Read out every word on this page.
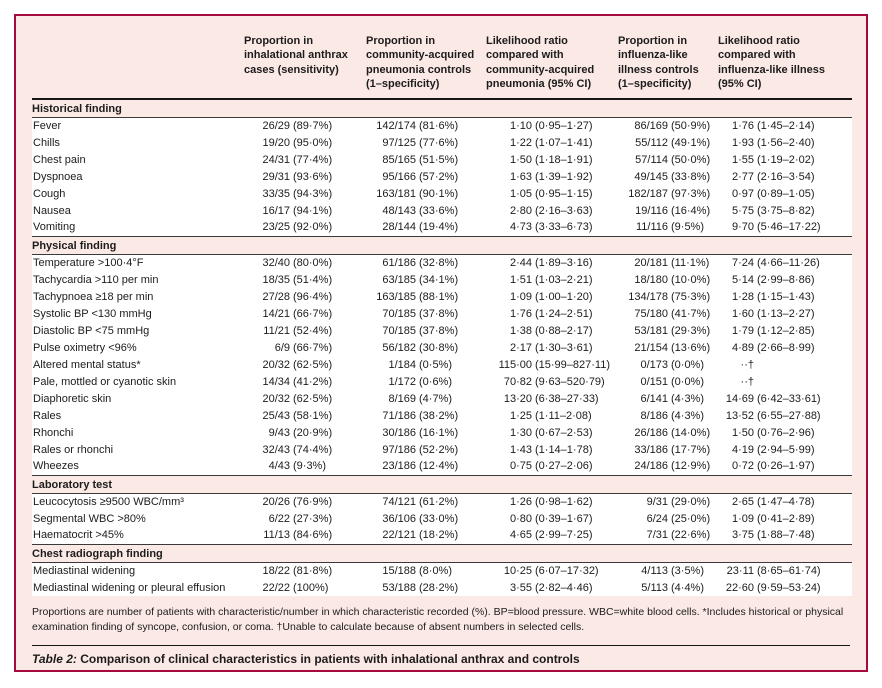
	Proportion in inhalational anthrax cases (sensitivity)	Proportion in community-acquired pneumonia controls (1–specificity)	Likelihood ratio compared with community-acquired pneumonia (95% CI)	Proportion in influenza-like illness controls (1–specificity)	Likelihood ratio compared with influenza-like illness (95% CI)
Historical finding					
Fever	26/29 (89·7%)	142/174 (81·6%)	1·10 (0·95–1·27)	86/169 (50·9%)	1·76 (1·45–2·14)

Chills	19/20 (95·0%)	97/125 (77·6%)	1·22 (1·07–1·41)	55/112 (49·1%)	1·93 (1·56–2·40)

Chest pain	24/31 (77·4%)	85/165 (51·5%)	1·50 (1·18–1·91)	57/114 (50·0%)	1·55 (1·19–2·02)

Dyspnoea	29/31 (93·6%)	95/166 (57·2%)	1·63 (1·39–1·92)	49/145 (33·8%)	2·77 (2·16–3·54)

Cough	33/35 (94·3%)	163/181 (90·1%)	1·05 (0·95–1·15)	182/187 (97·3%)	0·97 (0·89–1·05)

Nausea	16/17 (94·1%)	48/143 (33·6%)	2·80 (2·16–3·63)	19/116 (16·4%)	5·75 (3·75–8·82)

Vomiting	23/25 (92·0%)	28/144 (19·4%)	4·73 (3·33–6·73)	11/116 (9·5%)	9·70 (5·46–17·22)

Physical finding					
Temperature >100·4°F	32/40 (80·0%)	61/186 (32·8%)	2·44 (1·89–3·16)	20/181 (11·1%)	7·24 (4·66–11·26)

Tachycardia >110 per min	18/35 (51·4%)	63/185 (34·1%)	1·51 (1·03–2·21)	18/180 (10·0%)	5·14 (2·99–8·86)

Tachypnoea ≥18 per min	27/28 (96·4%)	163/185 (88·1%)	1·09 (1·00–1·20)	134/178 (75·3%)	1·28 (1·15–1·43)

Systolic BP <130 mmHg	14/21 (66·7%)	70/185 (37·8%)	1·76 (1·24–2·51)	75/180 (41·7%)	1·60 (1·13–2·27)

Diastolic BP <75 mmHg	11/21 (52·4%)	70/185 (37·8%)	1·38 (0·88–2·17)	53/181 (29·3%)	1·79 (1·12–2·85)

Pulse oximetry <96%	6/9 (66·7%)	56/182 (30·8%)	2·17 (1·30–3·61)	21/154 (13·6%)	4·89 (2·66–8·99)

Altered mental status*	20/32 (62·5%)	1/184 (0·5%)	115·00 (15·99–827·11)	0/173 (0·0%)	··†

Pale, mottled or cyanotic skin	14/34 (41·2%)	1/172 (0·6%)	70·82 (9·63–520·79)	0/151 (0·0%)	··†

Diaphoretic skin	20/32 (62·5%)	8/169 (4·7%)	13·20 (6·38–27·33)	6/141 (4·3%)	14·69 (6·42–33·61)

Rales	25/43 (58·1%)	71/186 (38·2%)	1·25 (1·11–2·08)	8/186 (4·3%)	13·52 (6·55–27·88)

Rhonchi	9/43 (20·9%)	30/186 (16·1%)	1·30 (0·67–2·53)	26/186 (14·0%)	1·50 (0·76–2·96)

Rales or rhonchi	32/43 (74·4%)	97/186 (52·2%)	1·43 (1·14–1·78)	33/186 (17·7%)	4·19 (2·94–5·99)

Wheezes	4/43 (9·3%)	23/186 (12·4%)	0·75 (0·27–2·06)	24/186 (12·9%)	0·72 (0·26–1·97)

Laboratory test					
Leucocytosis ≥9500 WBC/mm³	20/26 (76·9%)	74/121 (61·2%)	1·26 (0·98–1·62)	9/31 (29·0%)	2·65 (1·47–4·78)

Segmental WBC >80%	6/22 (27·3%)	36/106 (33·0%)	0·80 (0·39–1·67)	6/24 (25·0%)	1·09 (0·41–2·89)

Haematocrit >45%	11/13 (84·6%)	22/121 (18·2%)	4·65 (2·99–7·25)	7/31 (22·6%)	3·75 (1·88–7·48)

Chest radiograph finding					
Mediastinal widening	18/22 (81·8%)	15/188 (8·0%)	10·25 (6·07–17·32)	4/113 (3·5%)	23·11 (8·65–61·74)

Mediastinal widening or pleural effusion	22/22 (100%)	53/188 (28·2%)	3·55 (2·82–4·46)	5/113 (4·4%)	22·60 (9·59–53·24)
Proportions are number of patients with characteristic/number in which characteristic recorded (%). BP=blood pressure. WBC=white blood cells. *Includes historical or physical examination finding of syncope, confusion, or coma. †Unable to calculate because of absent numbers in selected cells.
Table 2: Comparison of clinical characteristics in patients with inhalational anthrax and controls
